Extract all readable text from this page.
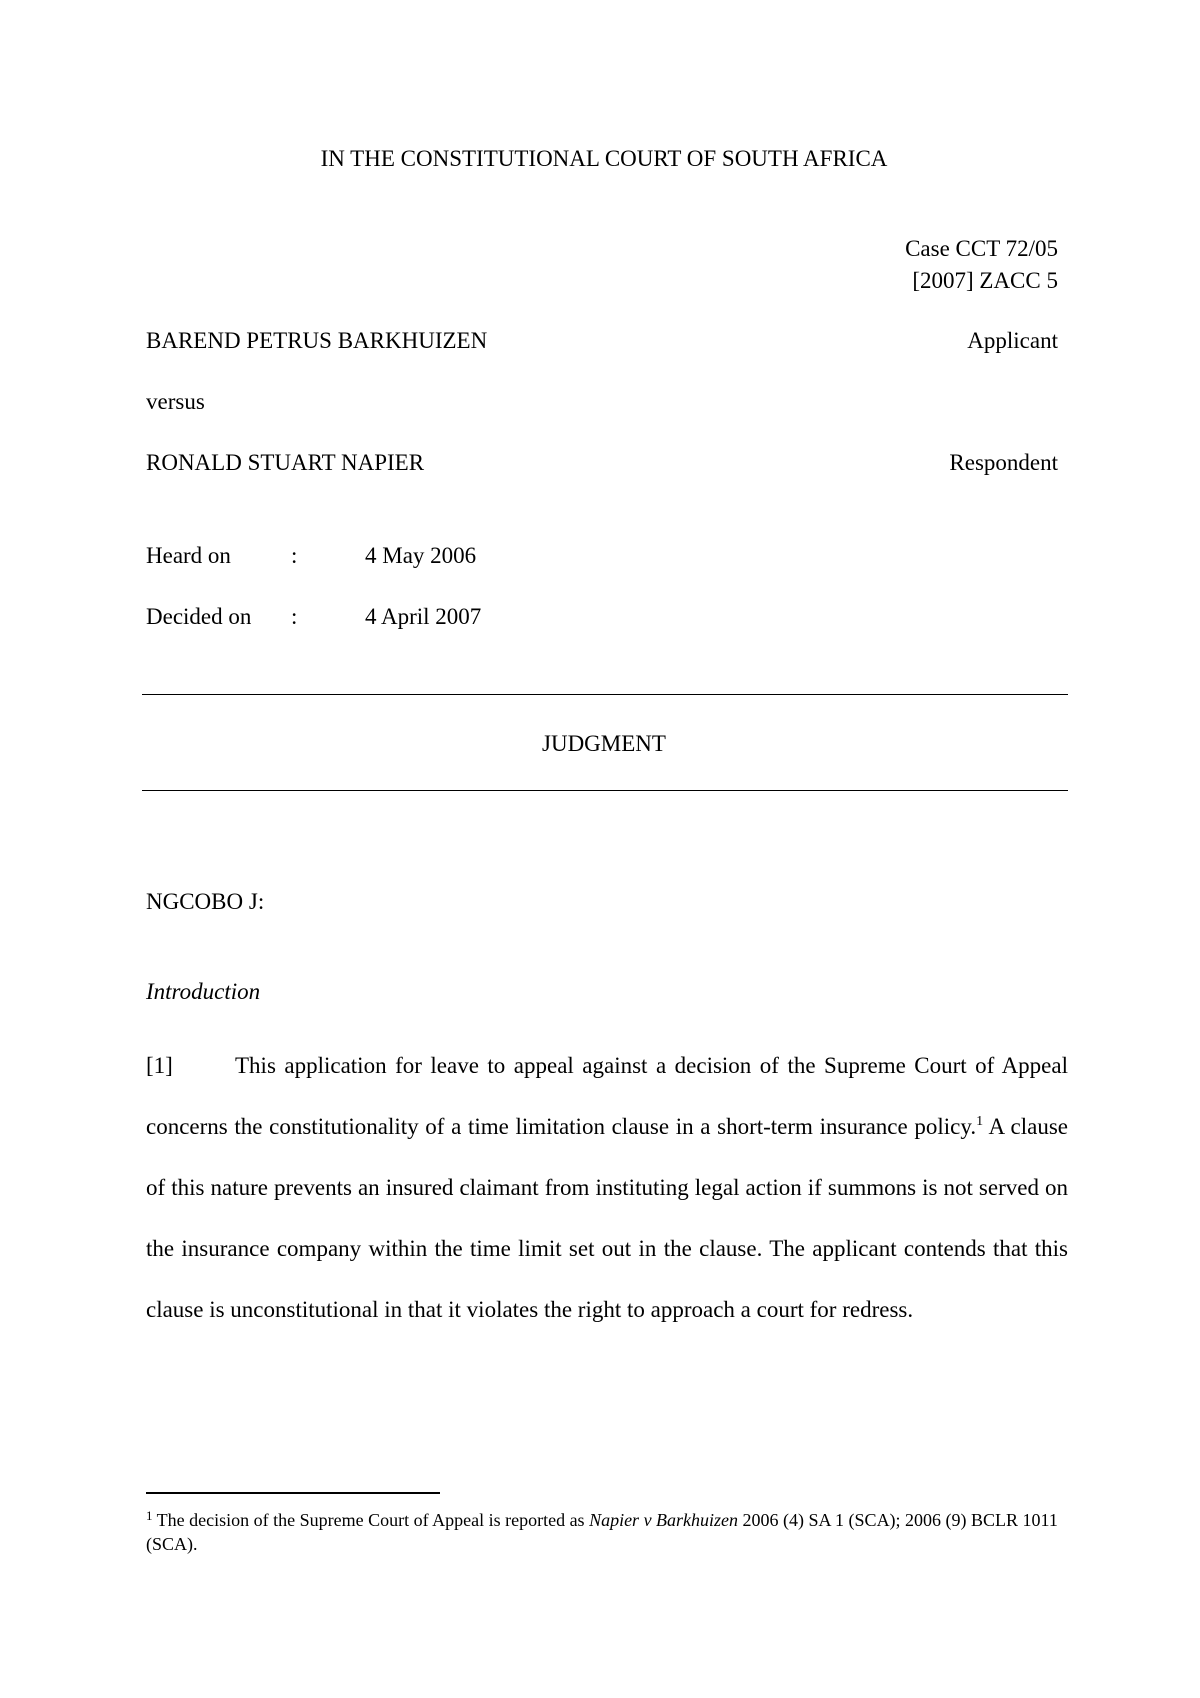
IN THE CONSTITUTIONAL COURT OF SOUTH AFRICA

Case CCT 72/05

[2007] ZACC 5

BAREND PETRUS BARKHUIZEN	Applicant

versus

RONALD STUART NAPIER	Respondent

Heard on	:	4 May 2006

Decided on :	4 April 2007

JUDGMENT

NGCOBO J:

Introduction

[1]	This application for leave to appeal against a decision of the Supreme Court of Appeal concerns the constitutionality of a time limitation clause in a short-term insurance policy.$^1$ A clause of this nature prevents an insured claimant from instituting legal action if summons is not served on the insurance company within the time limit set out in the clause. The applicant contends that this clause is unconstitutional in that it violates the right to approach a court for redress.

$^1$ The decision of the Supreme Court of Appeal is reported as Napier v Barkhuizen 2006 (4) SA 1 (SCA); 2006 (9) BCLR 1011 (SCA).
